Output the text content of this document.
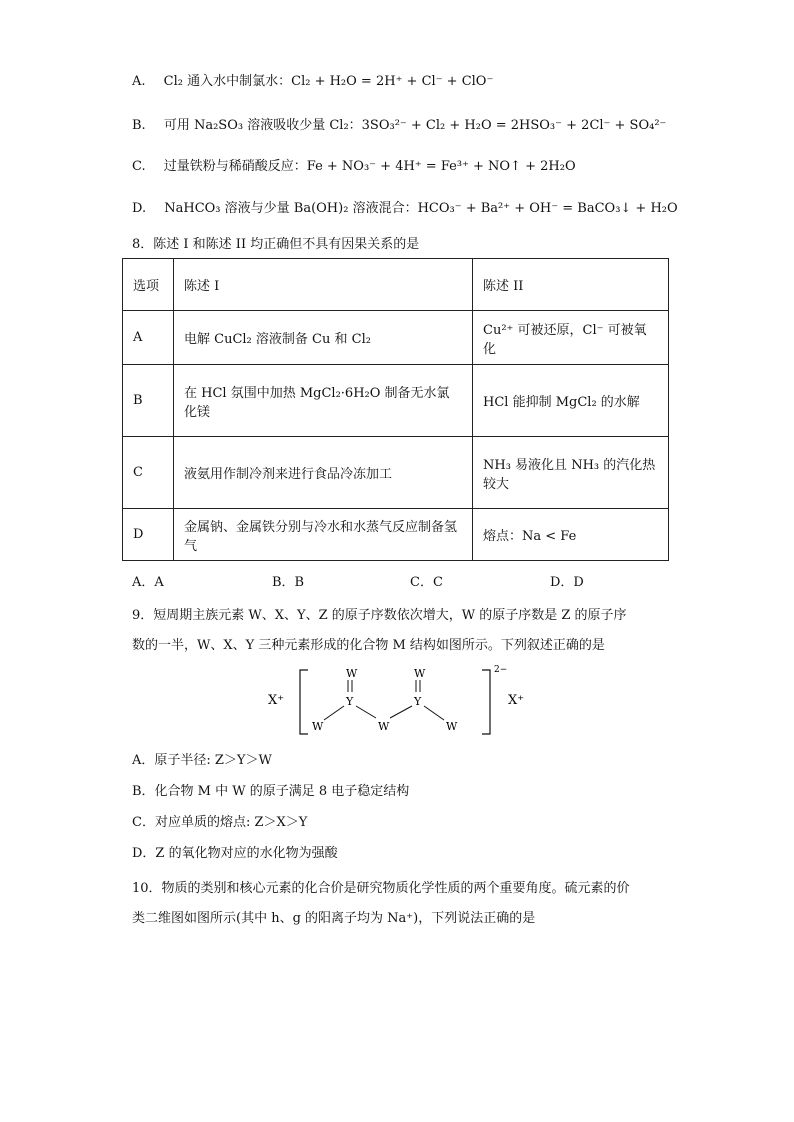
A. Cl₂ 通入水中制氯水：Cl₂ + H₂O = 2H⁺ + Cl⁻ + ClO⁻
B. 可用 Na₂SO₃ 溶液吸收少量 Cl₂：3SO₃²⁻ + Cl₂ + H₂O = 2HSO₃⁻ + 2Cl⁻ + SO₄²⁻
C. 过量铁粉与稀硝酸反应：Fe + NO₃⁻ + 4H⁺ = Fe³⁺ + NO↑ + 2H₂O
D. NaHCO₃ 溶液与少量 Ba(OH)₂ 溶液混合：HCO₃⁻ + Ba²⁺ + OH⁻ = BaCO₃↓ + H₂O
8．陈述 I 和陈述 II 均正确但不具有因果关系的是
选项	陈述 I	陈述 II
A	电解 CuCl₂ 溶液制备 Cu 和 Cl₂	Cu²⁺ 可被还原，Cl⁻ 可被氧化
B	在 HCl 氛围中加热 MgCl₂·6H₂O 制备无水氯化镁	HCl 能抑制 MgCl₂ 的水解
C	液氨用作制冷剂来进行食品冷冻加工	NH₃ 易液化且 NH₃ 的汽化热较大
D	金属钠、金属铁分别与冷水和水蒸气反应制备氢气	熔点：Na < Fe
A．A	B．B	C．C	D．D
9．短周期主族元素 W、X、Y、Z 的原子序数依次增大，W 的原子序数是 Z 的原子序
数的一半，W、X、Y 三种元素形成的化合物 M 结构如图所示。下列叙述正确的是
X⁺
2−
X⁺
W	W
Y	Y
W	W	W
A．原子半径: Z＞Y＞W
B．化合物 M 中 W 的原子满足 8 电子稳定结构
C．对应单质的熔点: Z＞X＞Y
D．Z 的氧化物对应的水化物为强酸
10．物质的类别和核心元素的化合价是研究物质化学性质的两个重要角度。硫元素的价
类二维图如图所示(其中 h、g 的阳离子均为 Na⁺)，下列说法正确的是
